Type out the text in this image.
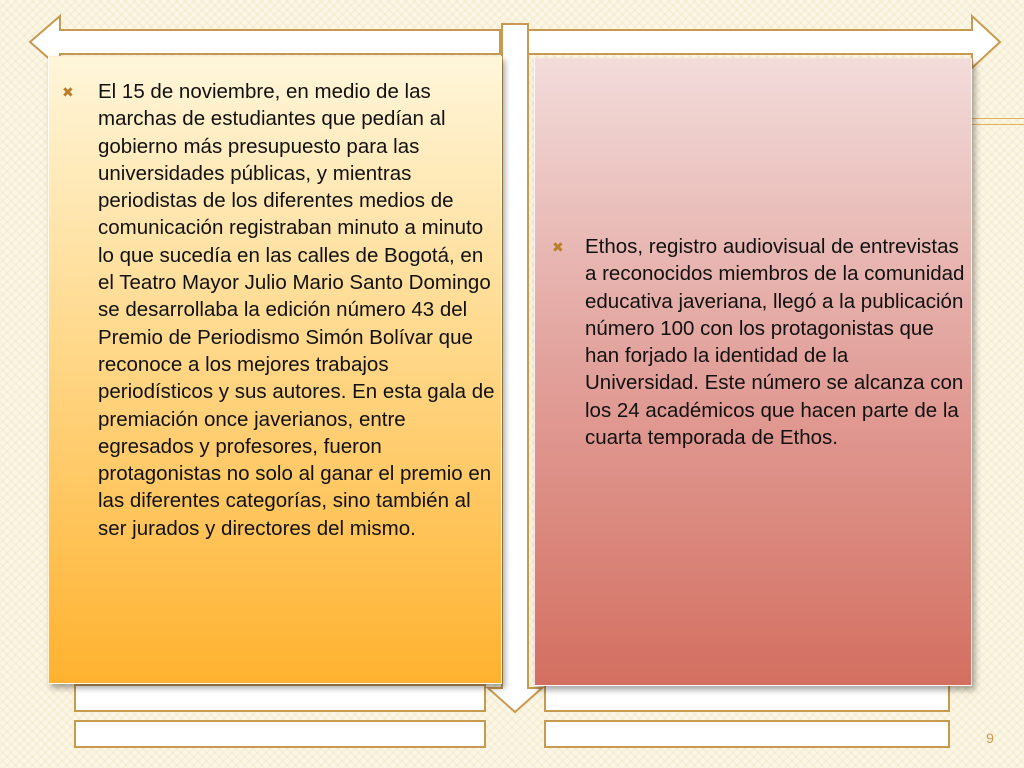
✖
✖

El 15 de noviembre, en medio de las marchas de estudiantes que pedían al gobierno más presupuesto para las universidades públicas, y mientras periodistas de los diferentes medios de comunicación registraban minuto a minuto lo que sucedía en las calles de Bogotá, en el Teatro Mayor Julio Mario Santo Domingo se desarrollaba la edición número 43 del Premio de Periodismo Simón Bolívar que reconoce a los mejores trabajos periodísticos y sus autores. En esta gala de premiación once javerianos, entre egresados y profesores, fueron protagonistas no solo al ganar el premio en las diferentes categorías, sino también al ser jurados y directores del mismo.

Ethos, registro audiovisual de entrevistas a reconocidos miembros de la comunidad educativa javeriana, llegó a la publicación número 100 con los protagonistas que han forjado la identidad de la Universidad. Este número se alcanza con los 24 académicos que hacen parte de la cuarta temporada de Ethos.

9
